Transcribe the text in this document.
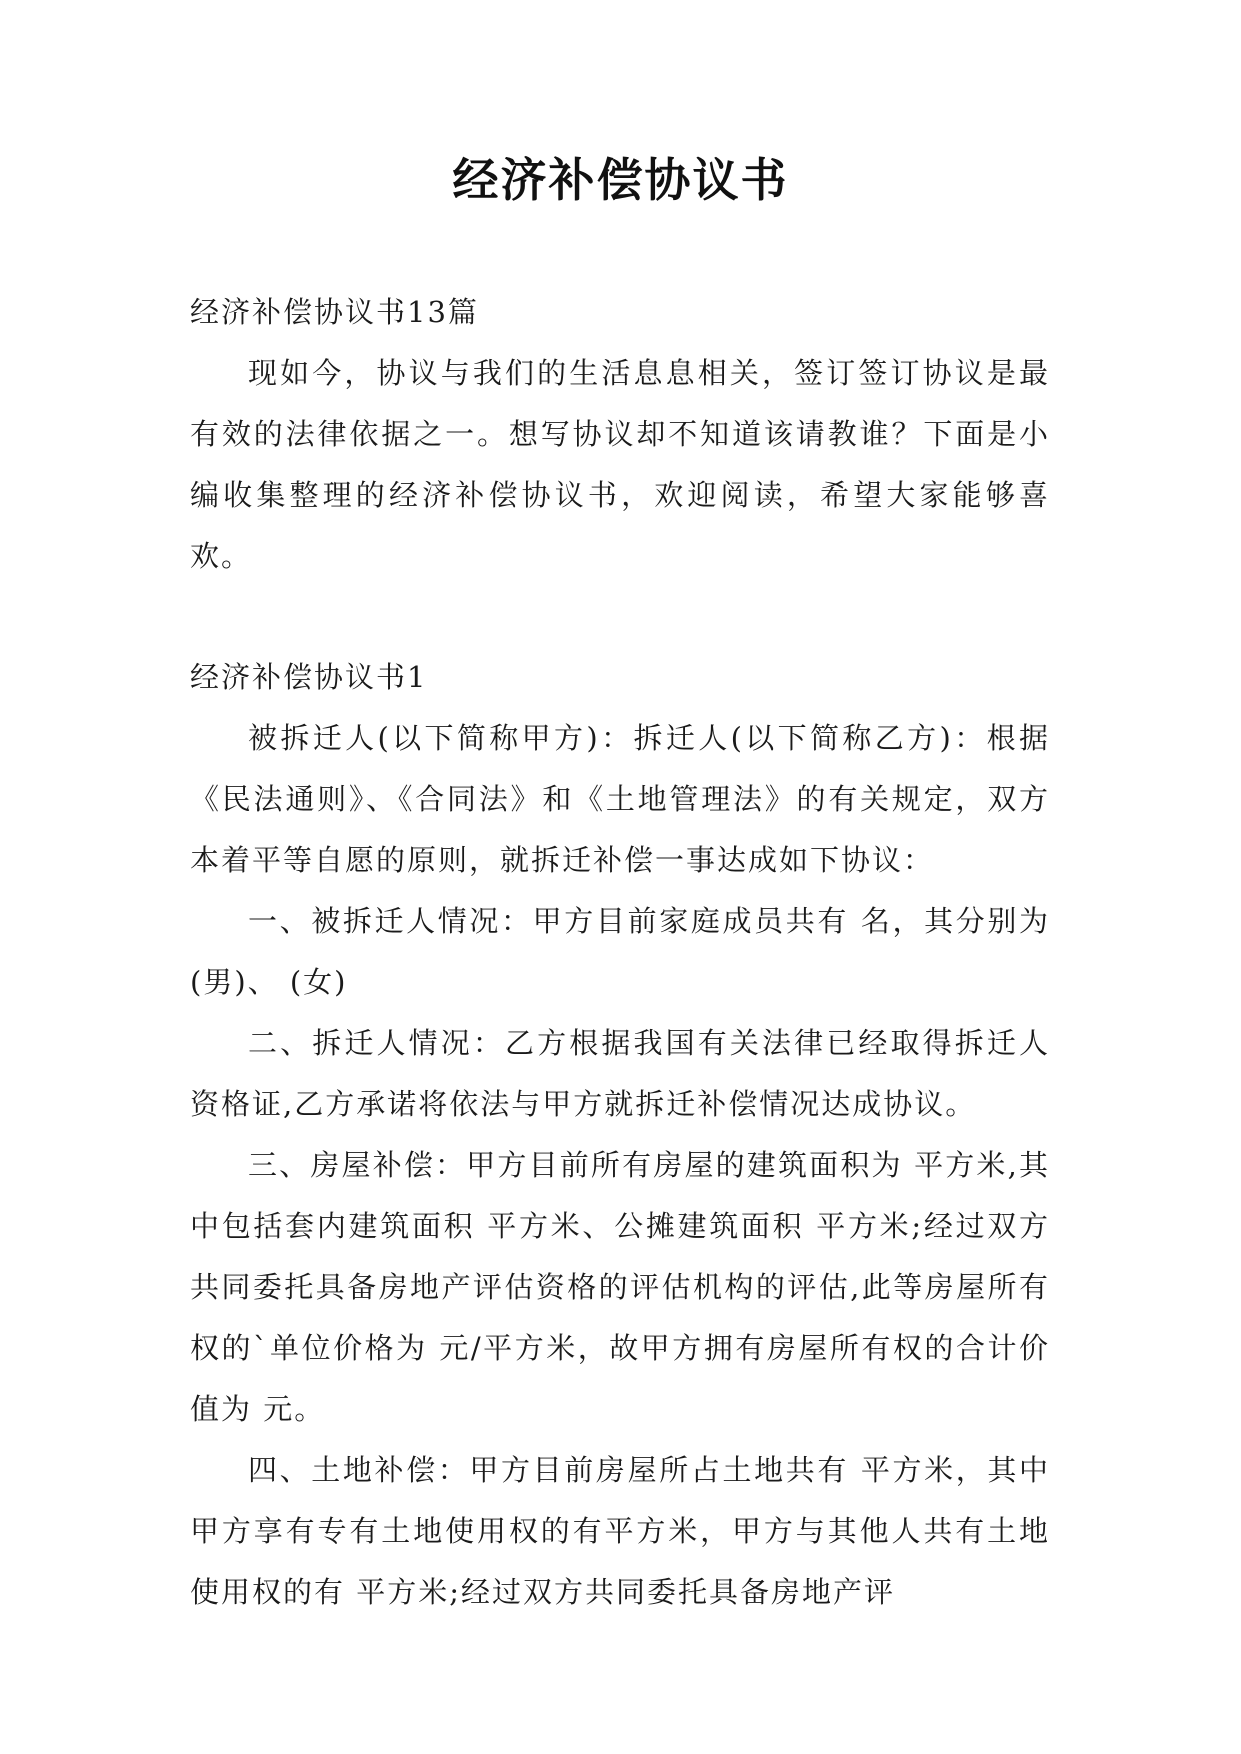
经济补偿协议书

经济补偿协议书13篇

现如今，协议与我们的生活息息相关，签订签订协议是最有效的法律依据之一。想写协议却不知道该请教谁？下面是小编收集整理的经济补偿协议书，欢迎阅读，希望大家能够喜欢。

经济补偿协议书1

被拆迁人(以下简称甲方)：拆迁人(以下简称乙方)：根据《民法通则》、《合同法》和《土地管理法》的有关规定，双方本着平等自愿的原则，就拆迁补偿一事达成如下协议：

一、被拆迁人情况：甲方目前家庭成员共有 名，其分别为 (男)、 (女)

二、拆迁人情况：乙方根据我国有关法律已经取得拆迁人资格证,乙方承诺将依法与甲方就拆迁补偿情况达成协议。

三、房屋补偿：甲方目前所有房屋的建筑面积为 平方米,其中包括套内建筑面积 平方米、公摊建筑面积 平方米;经过双方共同委托具备房地产评估资格的评估机构的评估,此等房屋所有权的`单位价格为 元/平方米，故甲方拥有房屋所有权的合计价值为 元。

四、土地补偿：甲方目前房屋所占土地共有 平方米，其中甲方享有专有土地使用权的有平方米，甲方与其他人共有土地使用权的有 平方米;经过双方共同委托具备房地产评
